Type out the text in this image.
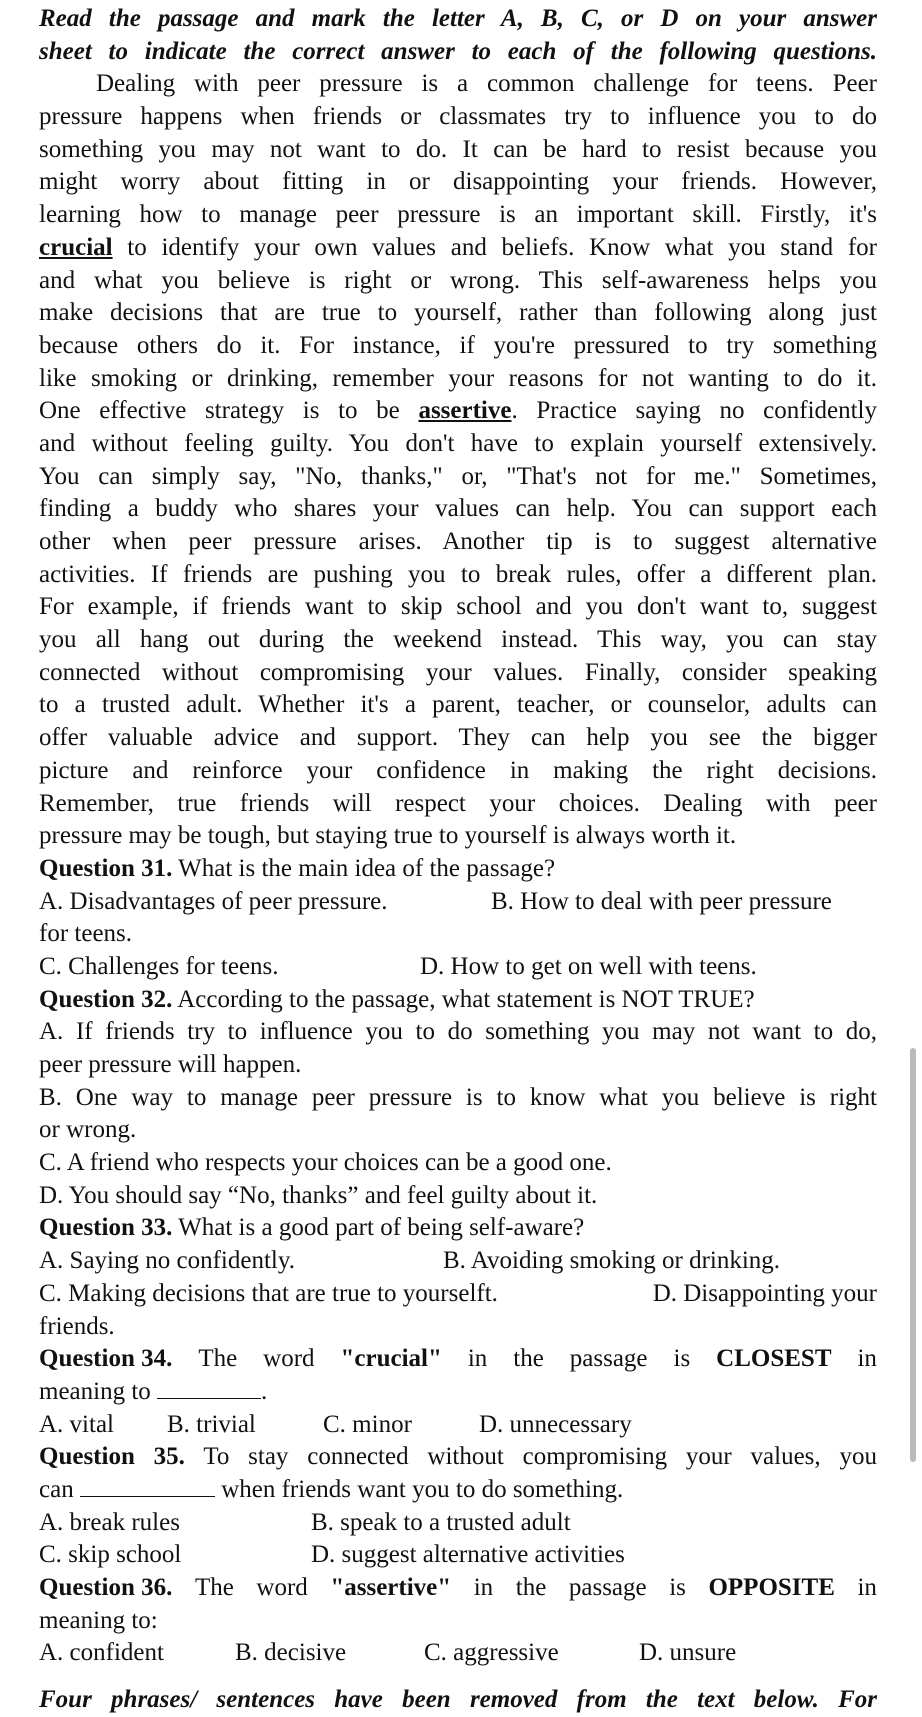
Read the passage and mark the letter A, B, C, or D on your answer
sheet to indicate the correct answer to each of the following questions.
Dealing with peer pressure is a common challenge for teens. Peer
pressure happens when friends or classmates try to influence you to do
something you may not want to do. It can be hard to resist because you
might worry about fitting in or disappointing your friends. However,
learning how to manage peer pressure is an important skill. Firstly, it's
crucial to identify your own values and beliefs. Know what you stand for
and what you believe is right or wrong. This self-awareness helps you
make decisions that are true to yourself, rather than following along just
because others do it. For instance, if you're pressured to try something
like smoking or drinking, remember your reasons for not wanting to do it.
One effective strategy is to be assertive. Practice saying no confidently
and without feeling guilty. You don't have to explain yourself extensively.
You can simply say, "No, thanks," or, "That's not for me." Sometimes,
finding a buddy who shares your values can help. You can support each
other when peer pressure arises. Another tip is to suggest alternative
activities. If friends are pushing you to break rules, offer a different plan.
For example, if friends want to skip school and you don't want to, suggest
you all hang out during the weekend instead. This way, you can stay
connected without compromising your values. Finally, consider speaking
to a trusted adult. Whether it's a parent, teacher, or counselor, adults can
offer valuable advice and support. They can help you see the bigger
picture and reinforce your confidence in making the right decisions.
Remember, true friends will respect your choices. Dealing with peer
pressure may be tough, but staying true to yourself is always worth it.
Question 31. What is the main idea of the passage?
A. Disadvantages of peer pressure.	B. How to deal with peer pressure
for teens.
C. Challenges for teens.	D. How to get on well with teens.
Question 32. According to the passage, what statement is NOT TRUE?
A. If friends try to influence you to do something you may not want to do,
peer pressure will happen.
B. One way to manage peer pressure is to know what you believe is right
or wrong.
C. A friend who respects your choices can be a good one.
D. You should say “No, thanks” and feel guilty about it.
Question 33. What is a good part of being self-aware?
A. Saying no confidently.	B. Avoiding smoking or drinking.
C. Making decisions that are true to yourselft.	D. Disappointing your
friends.
Question 34. The word "crucial" in the passage is CLOSEST in
meaning to	.
A. vital	B. trivial	C. minor	D. unnecessary
Question 35. To stay connected without compromising your values, you
can	when friends want you to do something.
A. break rules	B. speak to a trusted adult
C. skip school	D. suggest alternative activities
Question 36. The word "assertive" in the passage is OPPOSITE in
meaning to:
A. confident	B. decisive	C. aggressive	D. unsure
Four phrases/ sentences have been removed from the text below. For
